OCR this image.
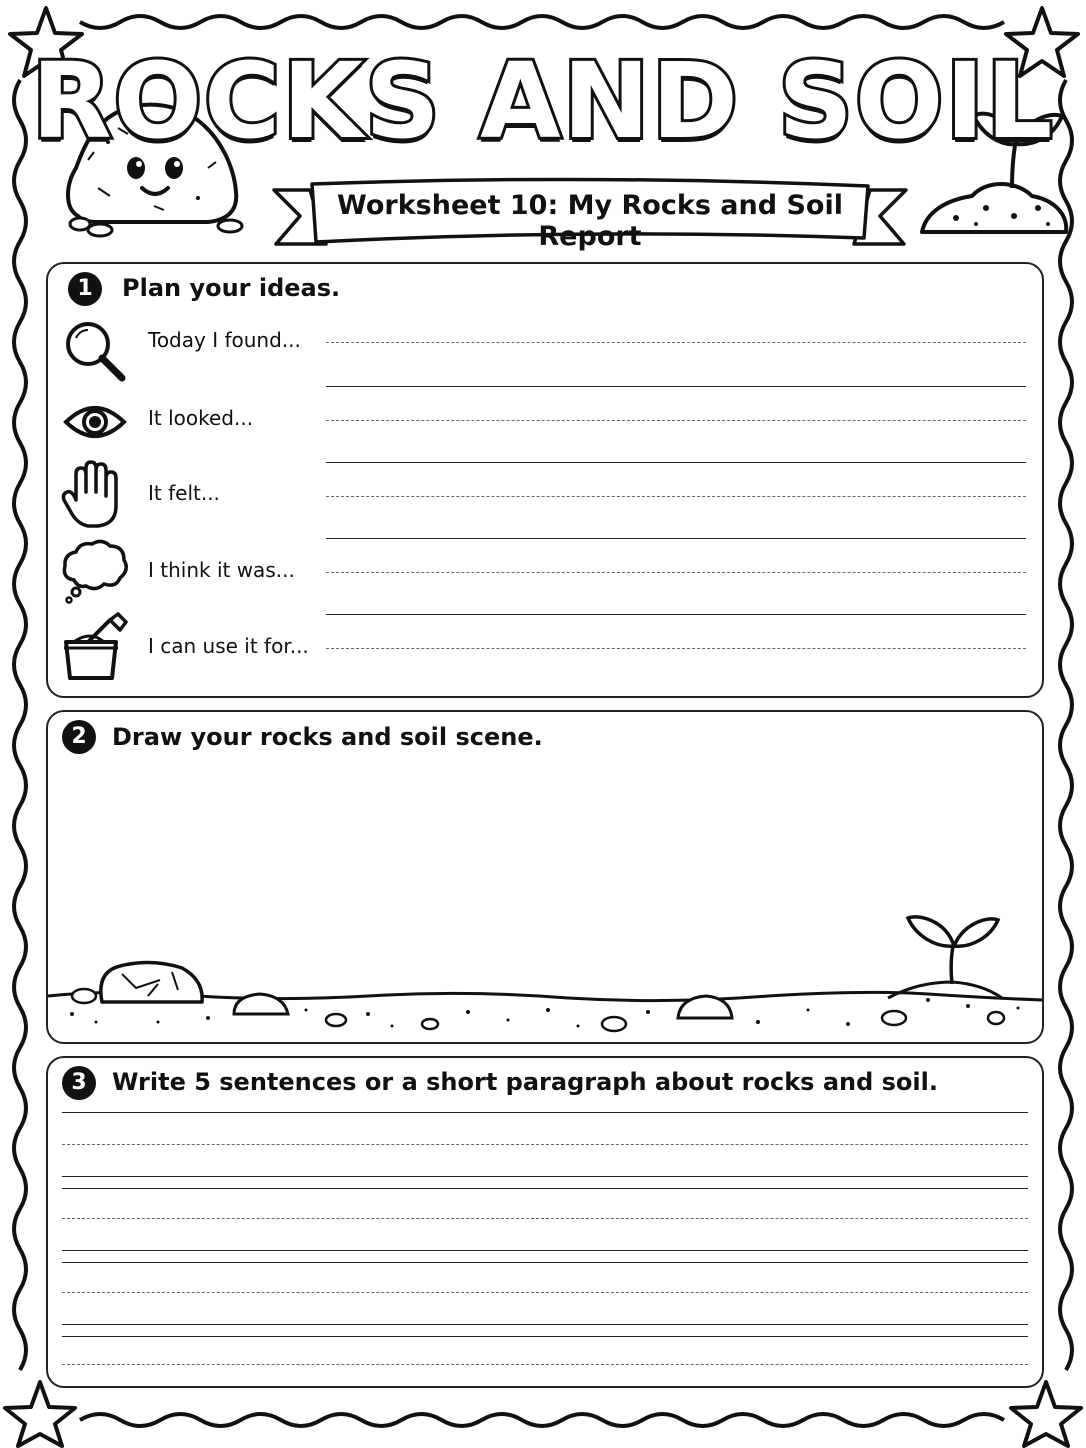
ROCKS AND SOIL
Worksheet 10: My Rocks and Soil Report
1	Plan your ideas.
Today I found...
It looked...
It felt...
I think it was...
I can use it for...
2	Draw your rocks and soil scene.
3	Write 5 sentences or a short paragraph about rocks and soil.
